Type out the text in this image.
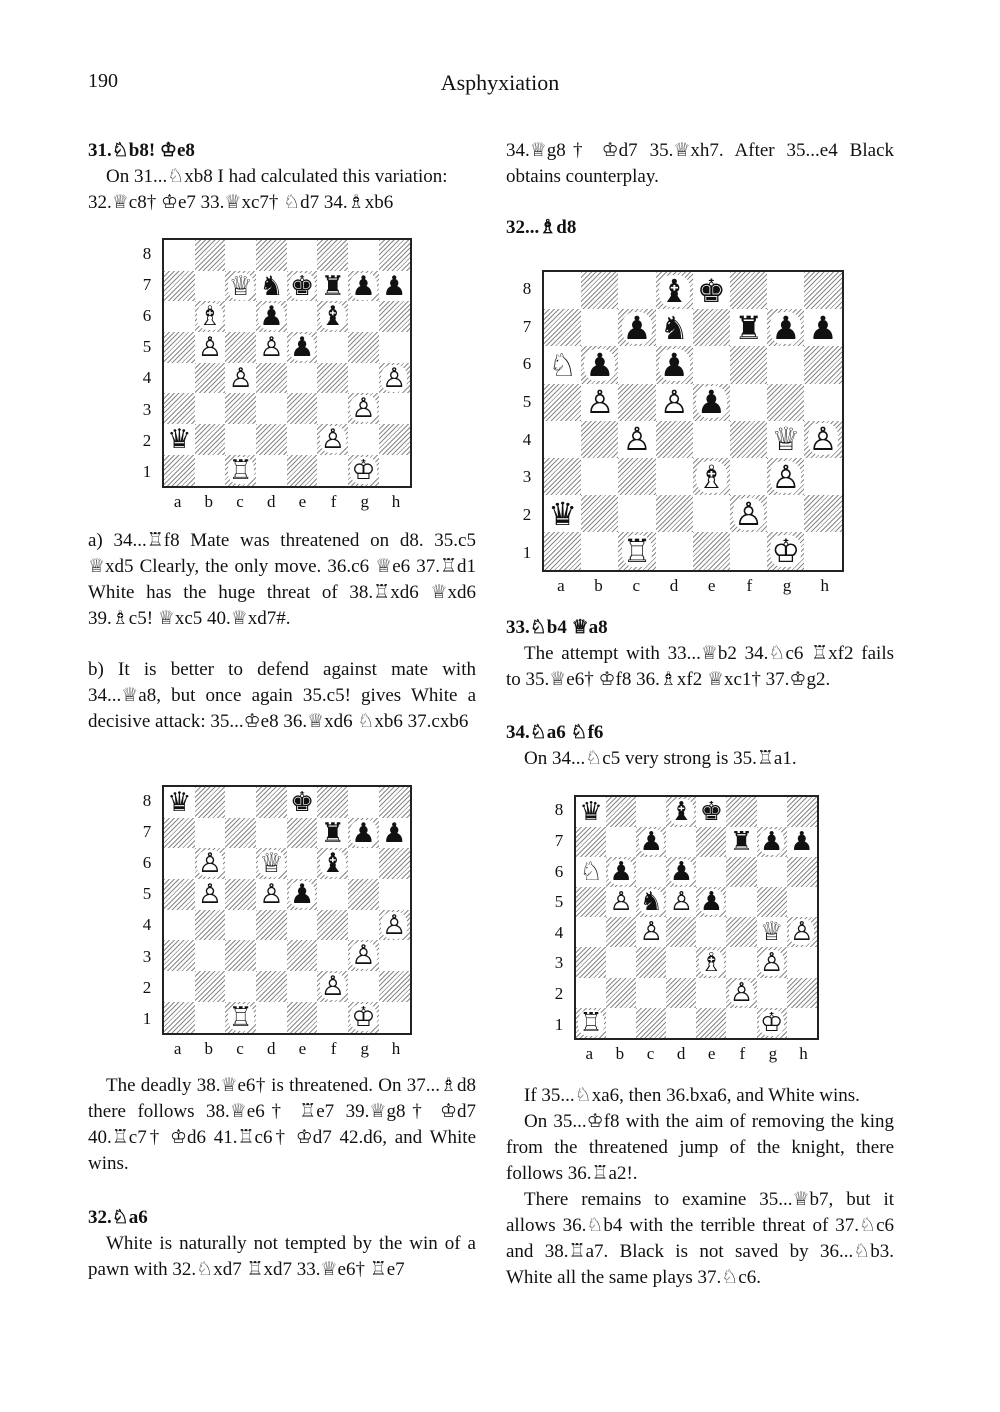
190	Asphyxiation

31.♘b8! ♔e8

On 31...♘xb8 I had calculated this variation: 32.♕c8† ♔e7 33.♕xc7† ♘d7 34.♗xb6

♕ ♞ ♚ ♜ ♟ ♟
♗ ♟ ♝
♙ ♙ ♟
♙	♙
♙
♛	♙
♖	♔
8
7
6
5
4
3
2
1
a	b	c	d	e	f	g	h

a) 34...♖f8 Mate was threatened on d8. 35.c5 ♕xd5 Clearly, the only move. 36.c6 ♕e6 37.♖d1 White has the huge threat of 38.♖xd6 ♕xd6 39.♗c5! ♕xc5 40.♕xd7#.

b) It is better to defend against mate with 34...♕a8, but once again 35.c5! gives White a decisive attack: 35...♔e8 36.♕xd6 ♘xb6 37.cxb6

♛	♚
♜ ♟ ♟
♙ ♕ ♝
♙ ♙ ♟
♙
♙
♙
♖	♔
8
7
6
5
4
3
2
1
a	b	c	d	e	f	g	h

The deadly 38.♕e6† is threatened. On 37...♗d8 there follows 38.♕e6† ♖e7 39.♕g8† ♔d7 40.♖c7† ♔d6 41.♖c6† ♔d7 42.d6, and White wins.

32.♘a6

White is naturally not tempted by the win of a pawn with 32.♘xd7 ♖xd7 33.♕e6† ♖e7

34.♕g8† ♔d7 35.♕xh7. After 35...e4 Black obtains counterplay.

32...♗d8

♝ ♚
♟ ♞ ♜ ♟ ♟
♘ ♟ ♟
♙ ♙ ♟
♙	♕ ♙
♗ ♙
♛	♙
♖	♔
8
7
6
5
4
3
2
1
a	b	c	d	e	f	g	h

33.♘b4 ♕a8

The attempt with 33...♕b2 34.♘c6 ♖xf2 fails to 35.♕e6† ♔f8 36.♗xf2 ♕xc1† 37.♔g2.

34.♘a6 ♘f6

On 34...♘c5 very strong is 35.♖a1.

♛	♝ ♚
♟	♜ ♟ ♟
♘ ♟ ♟
♙ ♞ ♙ ♟
♙	♕ ♙
♗ ♙
♙
♖	♔
8
7
6
5
4
3
2
1
a	b	c	d	e	f	g	h

If 35...♘xa6, then 36.bxa6, and White wins.

On 35...♔f8 with the aim of removing the king from the threatened jump of the knight, there follows 36.♖a2!.

There remains to examine 35...♕b7, but it allows 36.♘b4 with the terrible threat of 37.♘c6 and 38.♖a7. Black is not saved by 36...♘b3. White all the same plays 37.♘c6.
